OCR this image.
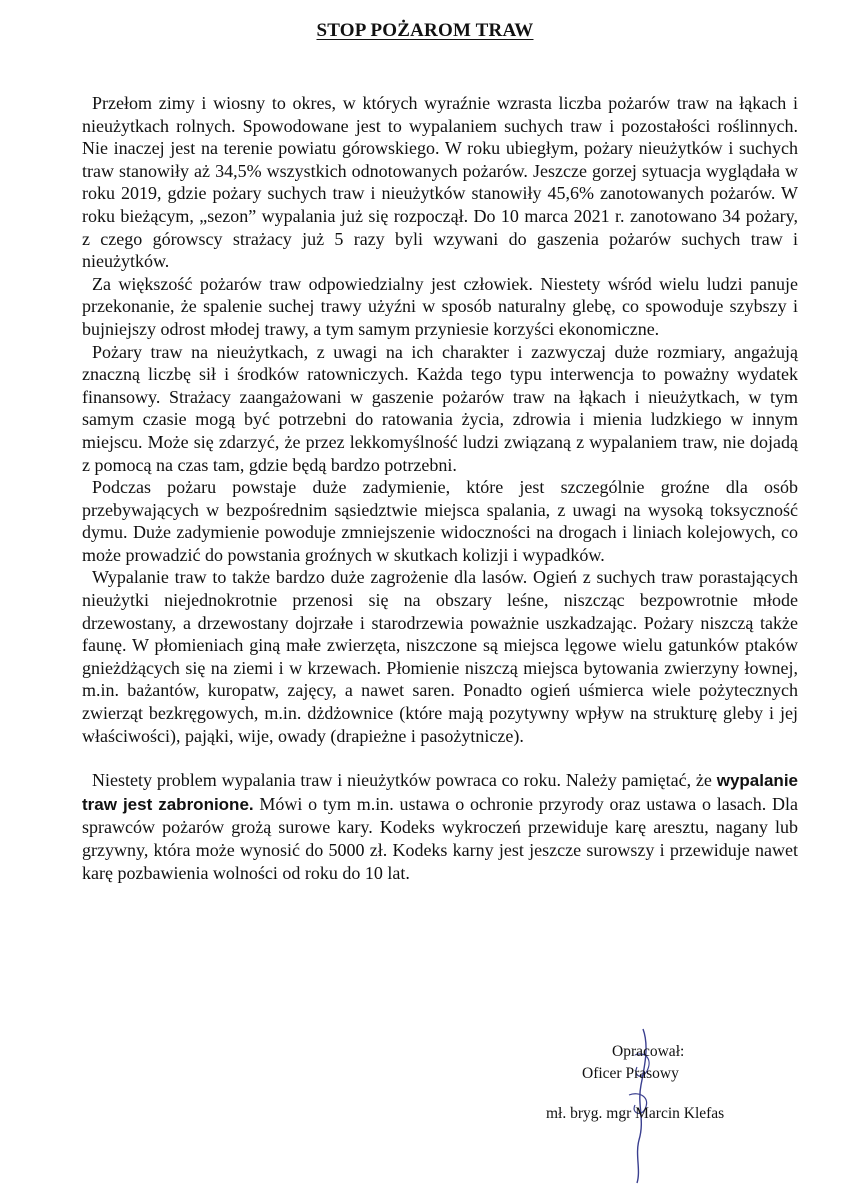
STOP POŻAROM TRAW

Przełom zimy i wiosny to okres, w których wyraźnie wzrasta liczba pożarów traw na łąkach i nieużytkach rolnych. Spowodowane jest to wypalaniem suchych traw i pozostałości roślinnych. Nie inaczej jest na terenie powiatu górowskiego. W roku ubiegłym, pożary nieużytków i suchych traw stanowiły aż 34,5% wszystkich odnotowanych pożarów. Jeszcze gorzej sytuacja wyglądała w roku 2019, gdzie pożary suchych traw i nieużytków stanowiły 45,6% zanotowanych pożarów. W roku bieżącym, „sezon” wypalania już się rozpoczął. Do 10 marca 2021 r. zanotowano 34 pożary, z czego górowscy strażacy już 5 razy byli wzywani do gaszenia pożarów suchych traw i nieużytków.

Za większość pożarów traw odpowiedzialny jest człowiek. Niestety wśród wielu ludzi panuje przekonanie, że spalenie suchej trawy użyźni w sposób naturalny glebę, co spowoduje szybszy i bujniejszy odrost młodej trawy, a tym samym przyniesie korzyści ekonomiczne.

Pożary traw na nieużytkach, z uwagi na ich charakter i zazwyczaj duże rozmiary, angażują znaczną liczbę sił i środków ratowniczych. Każda tego typu interwencja to poważny wydatek finansowy. Strażacy zaangażowani w gaszenie pożarów traw na łąkach i nieużytkach, w tym samym czasie mogą być potrzebni do ratowania życia, zdrowia i mienia ludzkiego w innym miejscu. Może się zdarzyć, że przez lekkomyślność ludzi związaną z wypalaniem traw, nie dojadą z pomocą na czas tam, gdzie będą bardzo potrzebni.

Podczas pożaru powstaje duże zadymienie, które jest szczególnie groźne dla osób przebywających w bezpośrednim sąsiedztwie miejsca spalania, z uwagi na wysoką toksyczność dymu. Duże zadymienie powoduje zmniejszenie widoczności na drogach i liniach kolejowych, co może prowadzić do powstania groźnych w skutkach kolizji i wypadków.

Wypalanie traw to także bardzo duże zagrożenie dla lasów. Ogień z suchych traw porastających nieużytki niejednokrotnie przenosi się na obszary leśne, niszcząc bezpowrotnie młode drzewostany, a drzewostany dojrzałe i starodrzewia poważnie uszkadzając. Pożary niszczą także faunę. W płomieniach giną małe zwierzęta, niszczone są miejsca lęgowe wielu gatunków ptaków gnieżdżących się na ziemi i w krzewach. Płomienie niszczą miejsca bytowania zwierzyny łownej, m.in. bażantów, kuropatw, zajęcy, a nawet saren. Ponadto ogień uśmierca wiele pożytecznych zwierząt bezkręgowych, m.in. dżdżownice (które mają pozytywny wpływ na strukturę gleby i jej właściwości), pająki, wije, owady (drapieżne i pasożytnicze).

Niestety problem wypalania traw i nieużytków powraca co roku. Należy pamiętać, że wypalanie traw jest zabronione. Mówi o tym m.in. ustawa o ochronie przyrody oraz ustawa o lasach. Dla sprawców pożarów grożą surowe kary. Kodeks wykroczeń przewiduje karę aresztu, nagany lub grzywny, która może wynosić do 5000 zł. Kodeks karny jest jeszcze surowszy i przewiduje nawet karę pozbawienia wolności od roku do 10 lat.

Opracował:
Oficer Prasowy
mł. bryg. mgr Marcin Klefas
